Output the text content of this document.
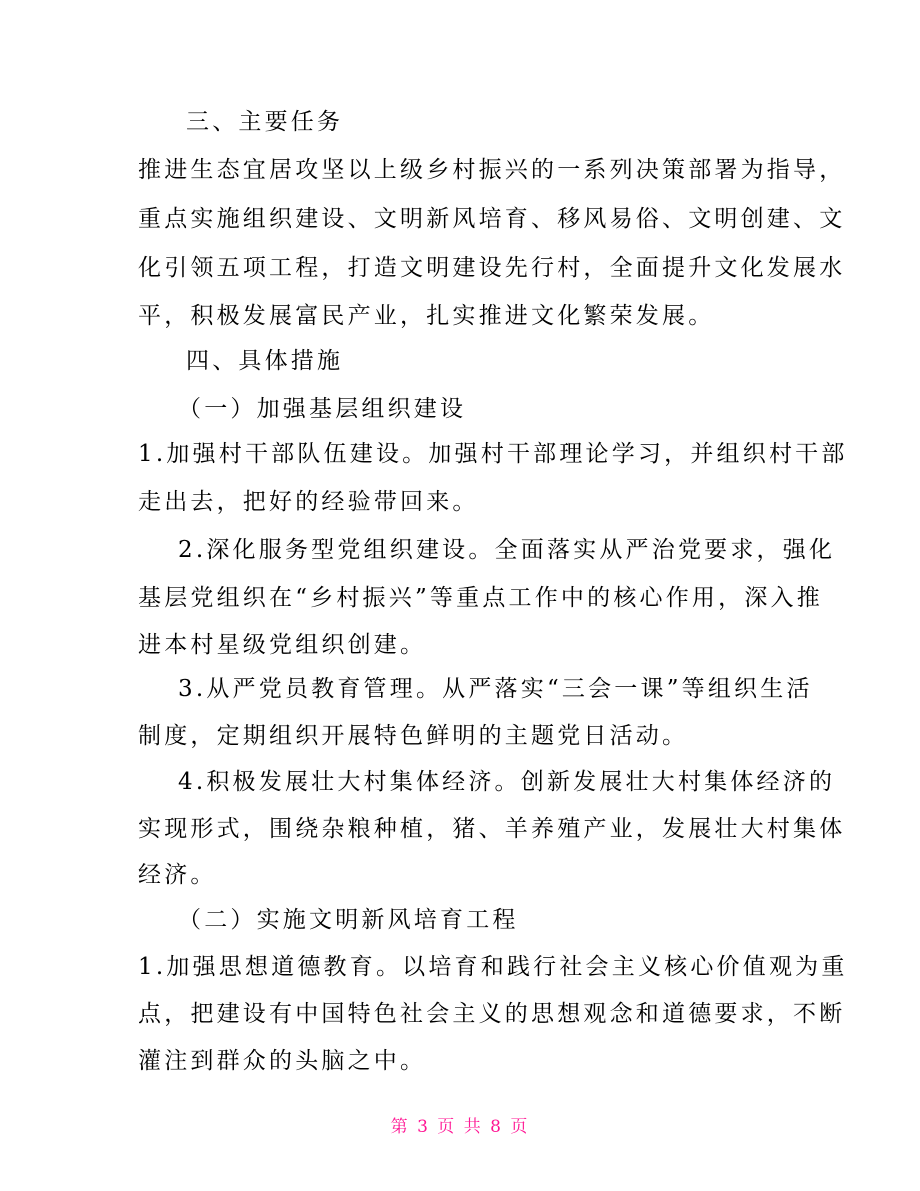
三、主要任务
推进生态宜居攻坚以上级乡村振兴的一系列决策部署为指导，
重点实施组织建设、文明新风培育、移风易俗、文明创建、文
化引领五项工程，打造文明建设先行村，全面提升文化发展水
平，积极发展富民产业，扎实推进文化繁荣发展。
四、具体措施
（一）加强基层组织建设
1.加强村干部队伍建设。加强村干部理论学习，并组织村干部
走出去，把好的经验带回来。
2.深化服务型党组织建设。全面落实从严治党要求，强化
基层党组织在“乡村振兴”等重点工作中的核心作用，深入推
进本村星级党组织创建。
3.从严党员教育管理。从严落实“三会一课”等组织生活
制度，定期组织开展特色鲜明的主题党日活动。
4.积极发展壮大村集体经济。创新发展壮大村集体经济的
实现形式，围绕杂粮种植，猪、羊养殖产业，发展壮大村集体
经济。
（二）实施文明新风培育工程
1.加强思想道德教育。以培育和践行社会主义核心价值观为重
点，把建设有中国特色社会主义的思想观念和道德要求，不断
灌注到群众的头脑之中。
第 3 页 共 8 页
